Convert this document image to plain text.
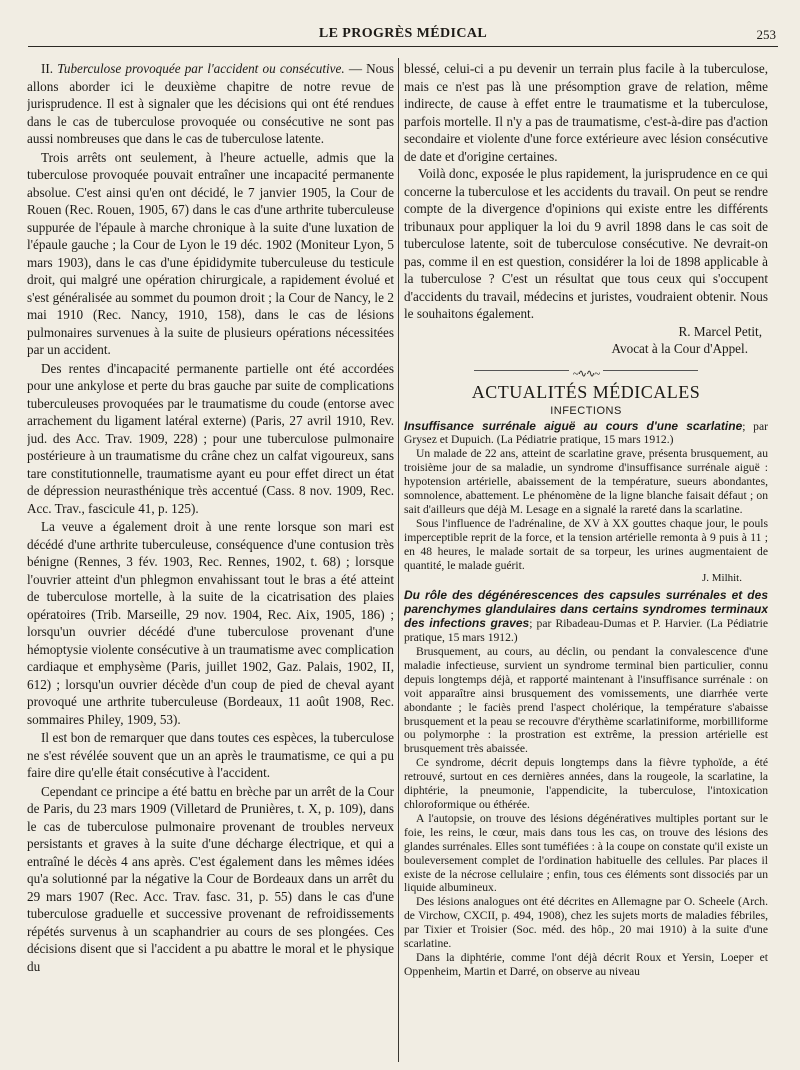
LE PROGRÈS MÉDICAL	253

II. Tuberculose provoquée par l'accident ou consécutive. — Nous allons aborder ici le deuxième chapitre de notre revue de jurisprudence. Il est à signaler que les décisions qui ont été rendues dans le cas de tuberculose provoquée ou consécutive ne sont pas aussi nombreuses que dans le cas de tuberculose latente.

Trois arrêts ont seulement, à l'heure actuelle, admis que la tuberculose provoquée pouvait entraîner une incapacité permanente absolue. C'est ainsi qu'en ont décidé, le 7 janvier 1905, la Cour de Rouen (Rec. Rouen, 1905, 67) dans le cas d'une arthrite tuberculeuse suppurée de l'épaule à marche chronique à la suite d'une luxation de l'épaule gauche ; la Cour de Lyon le 19 déc. 1902 (Moniteur Lyon, 5 mars 1903), dans le cas d'une épididymite tuberculeuse du testicule droit, qui malgré une opération chirurgicale, a rapidement évolué et s'est généralisée au sommet du poumon droit ; la Cour de Nancy, le 2 mai 1910 (Rec. Nancy, 1910, 158), dans le cas de lésions pulmonaires survenues à la suite de plusieurs opérations nécessitées par un accident.

Des rentes d'incapacité permanente partielle ont été accordées pour une ankylose et perte du bras gauche par suite de complications tuberculeuses provoquées par le traumatisme du coude (entorse avec arrachement du ligament latéral externe) (Paris, 27 avril 1910, Rev. jud. des Acc. Trav. 1909, 228) ; pour une tuberculose pulmonaire postérieure à un traumatisme du crâne chez un calfat vigoureux, sans tare constitutionnelle, traumatisme ayant eu pour effet direct un état de dépression neurasthénique très accentué (Cass. 8 nov. 1909, Rec. Acc. Trav., fascicule 41, p. 125).

La veuve a également droit à une rente lorsque son mari est décédé d'une arthrite tuberculeuse, conséquence d'une contusion très bénigne (Rennes, 3 fév. 1903, Rec. Rennes, 1902, t. 68) ; lorsque l'ouvrier atteint d'un phlegmon envahissant tout le bras a été atteint de tuberculose mortelle, à la suite de la cicatrisation des plaies opératoires (Trib. Marseille, 29 nov. 1904, Rec. Aix, 1905, 186) ; lorsqu'un ouvrier décédé d'une tuberculose provenant d'une hémoptysie violente consécutive à un traumatisme avec complication cardiaque et emphysème (Paris, juillet 1902, Gaz. Palais, 1902, II, 612) ; lorsqu'un ouvrier décède d'un coup de pied de cheval ayant provoqué une arthrite tuberculeuse (Bordeaux, 11 août 1908, Rec. sommaires Philey, 1909, 53).

Il est bon de remarquer que dans toutes ces espèces, la tuberculose ne s'est révélée souvent que un an après le traumatisme, ce qui a pu faire dire qu'elle était consécutive à l'accident.

Cependant ce principe a été battu en brèche par un arrêt de la Cour de Paris, du 23 mars 1909 (Villetard de Prunières, t. X, p. 109), dans le cas de tuberculose pulmonaire provenant de troubles nerveux persistants et graves à la suite d'une décharge électrique, et qui a entraîné le décès 4 ans après. C'est également dans les mêmes idées qu'a solutionné par la négative la Cour de Bordeaux dans un arrêt du 29 mars 1907 (Rec. Acc. Trav. fasc. 31, p. 55) dans le cas d'une tuberculose graduelle et successive provenant de refroidissements répétés survenus à un scaphandrier au cours de ses plongées. Ces décisions disent que si l'accident a pu abattre le moral et le physique du

blessé, celui-ci a pu devenir un terrain plus facile à la tuberculose, mais ce n'est pas là une présomption grave de relation, même indirecte, de cause à effet entre le traumatisme et la tuberculose, parfois mortelle. Il n'y a pas de traumatisme, c'est-à-dire pas d'action secondaire et violente d'une force extérieure avec lésion consécutive de date et d'origine certaines.

Voilà donc, exposée le plus rapidement, la jurisprudence en ce qui concerne la tuberculose et les accidents du travail. On peut se rendre compte de la divergence d'opinions qui existe entre les différents tribunaux pour appliquer la loi du 9 avril 1898 dans le cas soit de tuberculose latente, soit de tuberculose consécutive. Ne devrait-on pas, comme il en est question, considérer la loi de 1898 applicable à la tuberculose ? C'est un résultat que tous ceux qui s'occupent d'accidents du travail, médecins et juristes, voudraient obtenir. Nous le souhaitons également.

R. Marcel Petit,
Avocat à la Cour d'Appel.
~∿∿~
ACTUALITÉS MÉDICALES
INFECTIONS

Insuffisance surrénale aiguë au cours d'une scarlatine; par Grysez et Dupuich. (La Pédiatrie pratique, 15 mars 1912.)

Un malade de 22 ans, atteint de scarlatine grave, présenta brusquement, au troisième jour de sa maladie, un syndrome d'insuffisance surrénale aiguë : hypotension artérielle, abaissement de la température, sueurs abondantes, somnolence, abattement. Le phénomène de la ligne blanche faisait défaut ; on sait d'ailleurs que déjà M. Lesage en a signalé la rareté dans la scarlatine.

Sous l'influence de l'adrénaline, de XV à XX gouttes chaque jour, le pouls imperceptible reprit de la force, et la tension artérielle remonta à 9 puis à 11 ; en 48 heures, le malade sortait de sa torpeur, les urines augmentaient de quantité, le malade guérit.

J. Milhit.

Du rôle des dégénérescences des capsules surrénales et des parenchymes glandulaires dans certains syndromes terminaux des infections graves; par Ribadeau-Dumas et P. Harvier. (La Pédiatrie pratique, 15 mars 1912.)

Brusquement, au cours, au déclin, ou pendant la convalescence d'une maladie infectieuse, survient un syndrome terminal bien particulier, connu depuis longtemps déjà, et rapporté maintenant à l'insuffisance surrénale : on voit apparaître ainsi brusquement des vomissements, une diarrhée verte abondante ; le faciès prend l'aspect cholérique, la température s'abaisse brusquement et la peau se recouvre d'érythème scarlatiniforme, morbilliforme ou polymorphe : la prostration est extrême, la pression artérielle est brusquement très abaissée.

Ce syndrome, décrit depuis longtemps dans la fièvre typhoïde, a été retrouvé, surtout en ces dernières années, dans la rougeole, la scarlatine, la diphtérie, la pneumonie, l'appendicite, la tuberculose, l'intoxication chloroformique ou éthérée.

A l'autopsie, on trouve des lésions dégénératives multiples portant sur le foie, les reins, le cœur, mais dans tous les cas, on trouve des lésions des glandes surrénales. Elles sont tuméfiées : à la coupe on constate qu'il existe un bouleversement complet de l'ordination habituelle des cellules. Par places il existe de la nécrose cellulaire ; enfin, tous ces éléments sont dissociés par un liquide albumineux.

Des lésions analogues ont été décrites en Allemagne par O. Scheele (Arch. de Virchow, CXCII, p. 494, 1908), chez les sujets morts de maladies fébriles, par Tixier et Troisier (Soc. méd. des hôp., 20 mai 1910) à la suite d'une scarlatine.

Dans la diphtérie, comme l'ont déjà décrit Roux et Yersin, Loeper et Oppenheim, Martin et Darré, on observe au niveau
